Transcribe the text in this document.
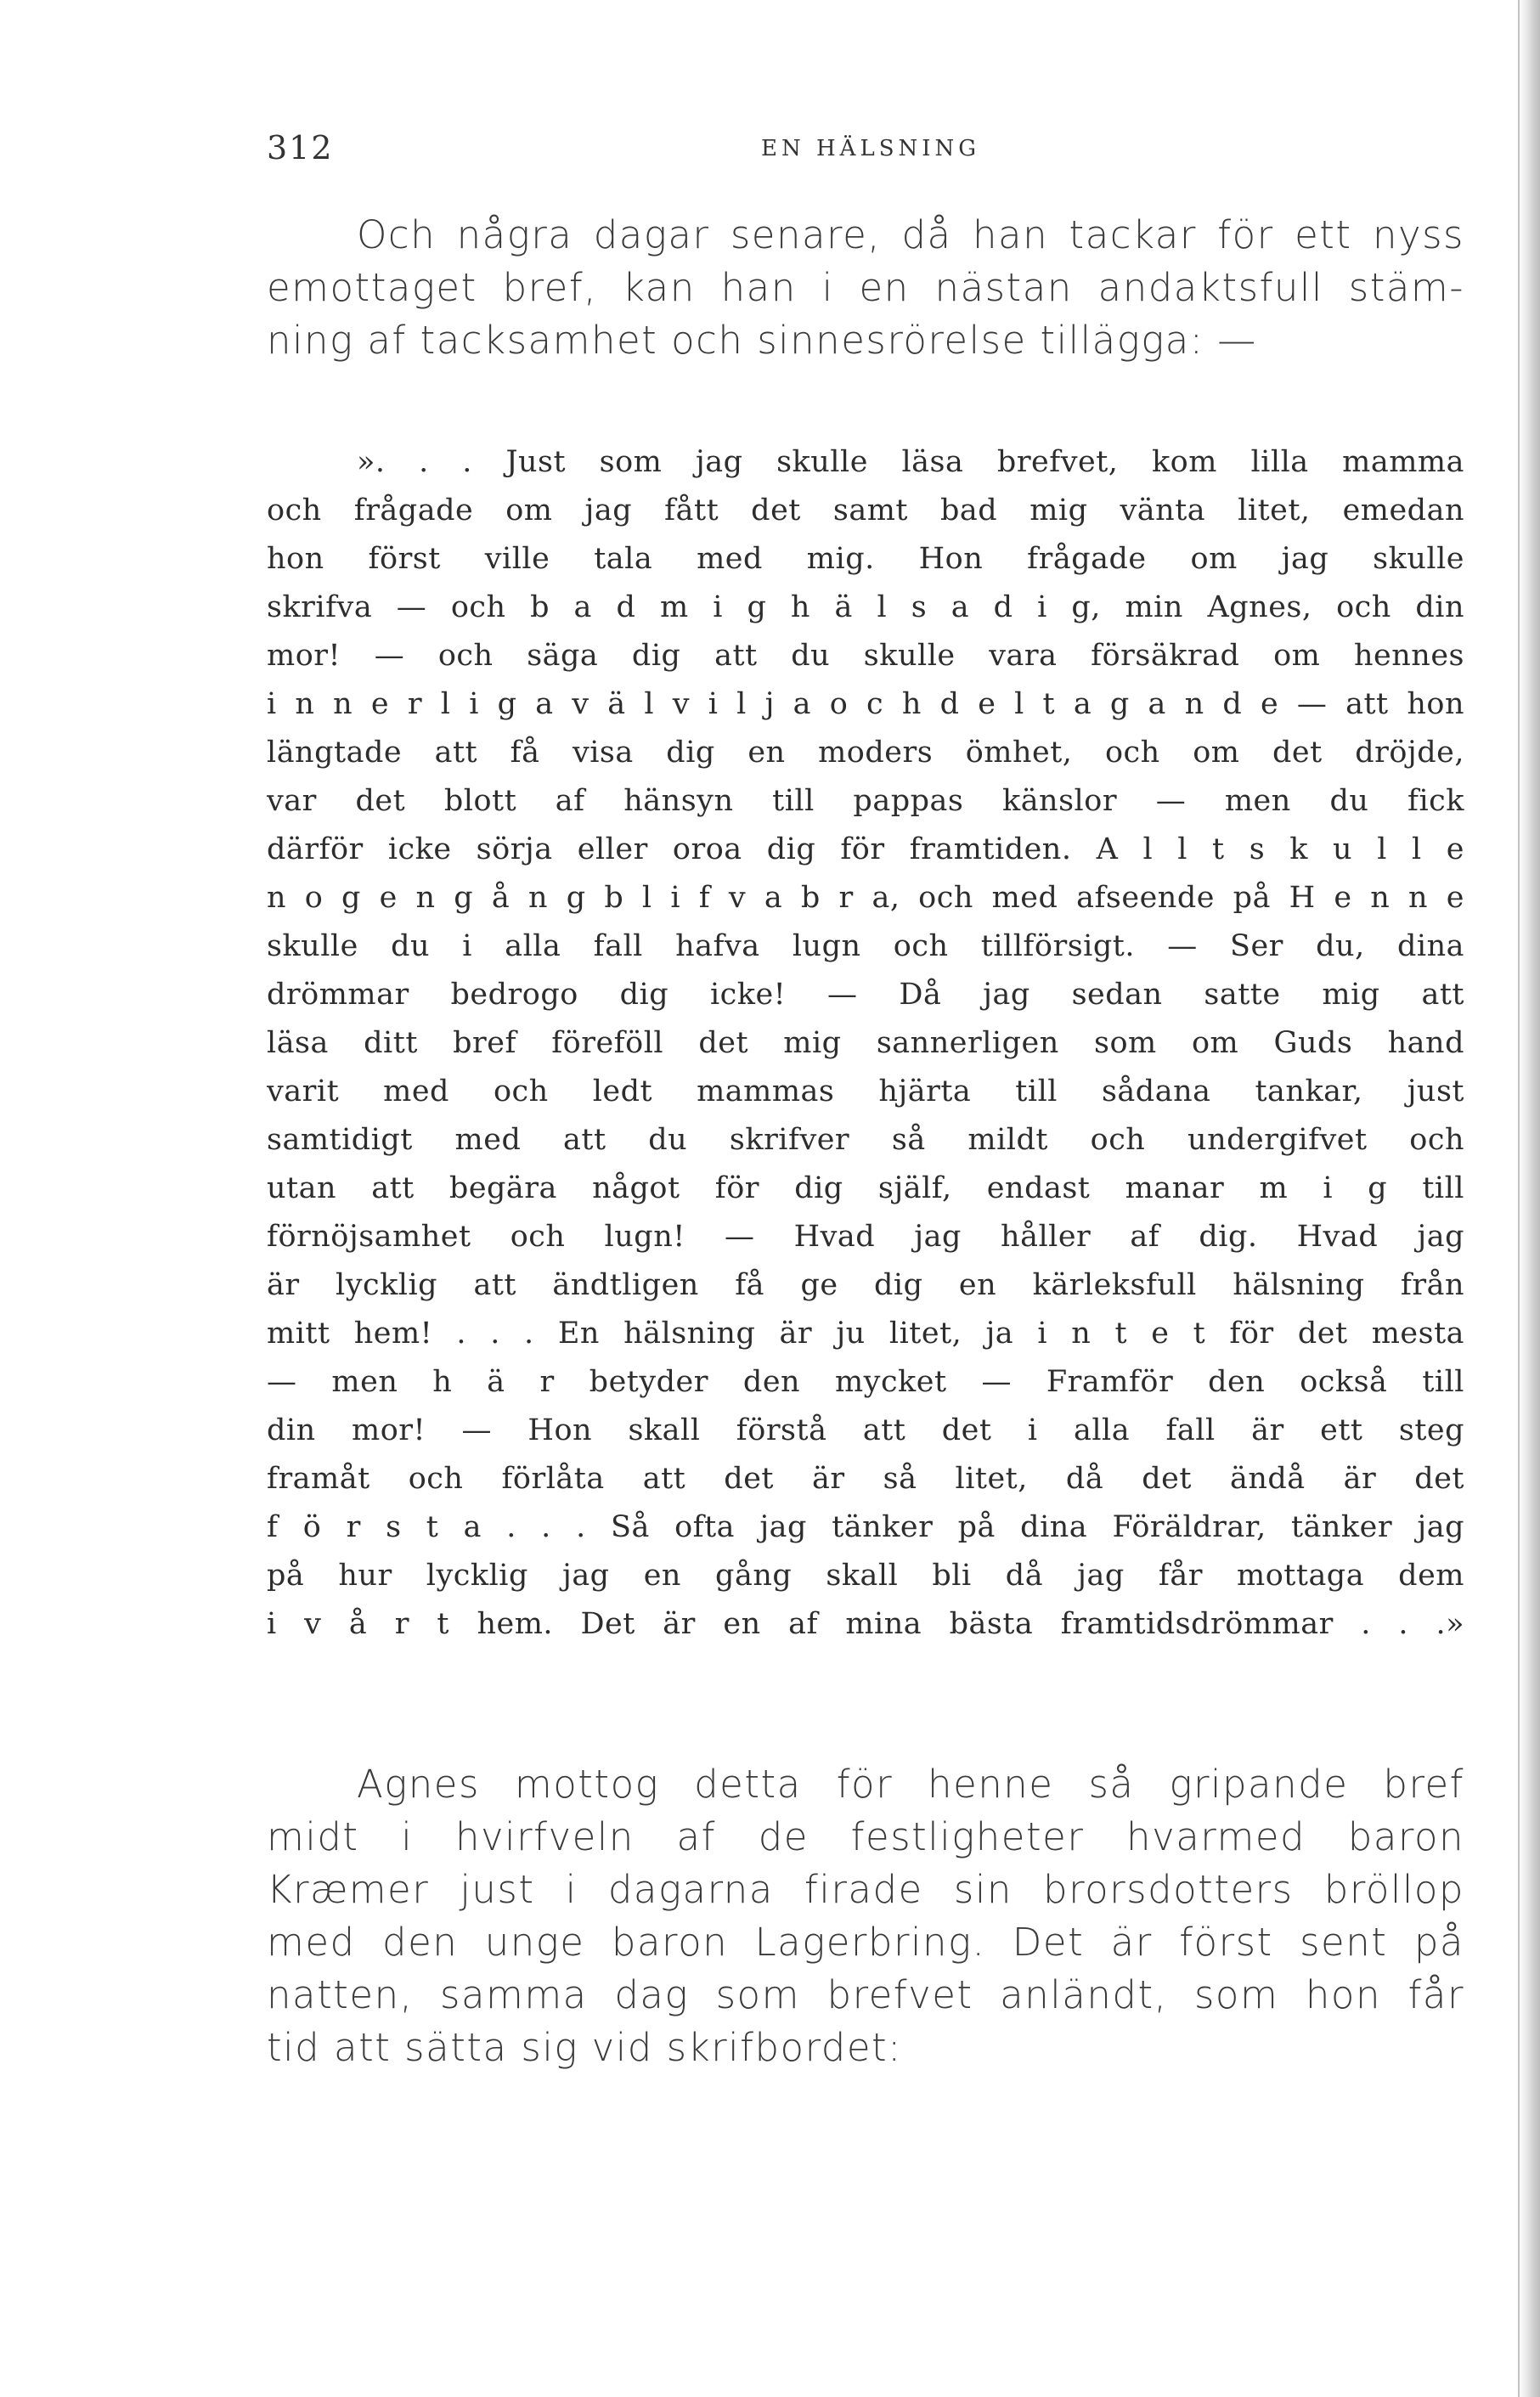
312	EN HÄLSNING
Och några dagar senare, då han tackar för ett nyss
emottaget bref, kan han i en nästan andaktsfull stäm-
ning af tacksamhet och sinnesrörelse tillägga: —
». . . Just som jag skulle läsa brefvet, kom lilla mamma
och frågade om jag fått det samt bad mig vänta litet, emedan
hon först ville tala med mig. Hon frågade om jag skulle
skrifva — och b a d m i g h ä l s a d i g, min Agnes, och din
mor! — och säga dig att du skulle vara försäkrad om hennes
i n n e r l i g a v ä l v i l j a o c h d e l t a g a n d e — att hon
längtade att få visa dig en moders ömhet, och om det dröjde,
var det blott af hänsyn till pappas känslor — men du fick
därför icke sörja eller oroa dig för framtiden. A l l t s k u l l e
n o g e n g å n g b l i f v a b r a, och med afseende på H e n n e
skulle du i alla fall hafva lugn och tillförsigt. — Ser du, dina
drömmar bedrogo dig icke! — Då jag sedan satte mig att
läsa ditt bref föreföll det mig sannerligen som om Guds hand
varit med och ledt mammas hjärta till sådana tankar, just
samtidigt med att du skrifver så mildt och undergifvet och
utan att begära något för dig själf, endast manar m i g till
förnöjsamhet och lugn! — Hvad jag håller af dig. Hvad jag
är lycklig att ändtligen få ge dig en kärleksfull hälsning från
mitt hem! . . . En hälsning är ju litet, ja i n t e t för det mesta
— men h ä r betyder den mycket — Framför den också till
din mor! — Hon skall förstå att det i alla fall är ett steg
framåt och förlåta att det är så litet, då det ändå är det
f ö r s t a . . . Så ofta jag tänker på dina Föräldrar, tänker jag
på hur lycklig jag en gång skall bli då jag får mottaga dem
i v å r t hem. Det är en af mina bästa framtidsdrömmar . . .»
Agnes mottog detta för henne så gripande bref
midt i hvirfveln af de festligheter hvarmed baron
Kræmer just i dagarna firade sin brorsdotters bröllop
med den unge baron Lagerbring. Det är först sent på
natten, samma dag som brefvet anländt, som hon får
tid att sätta sig vid skrifbordet:
